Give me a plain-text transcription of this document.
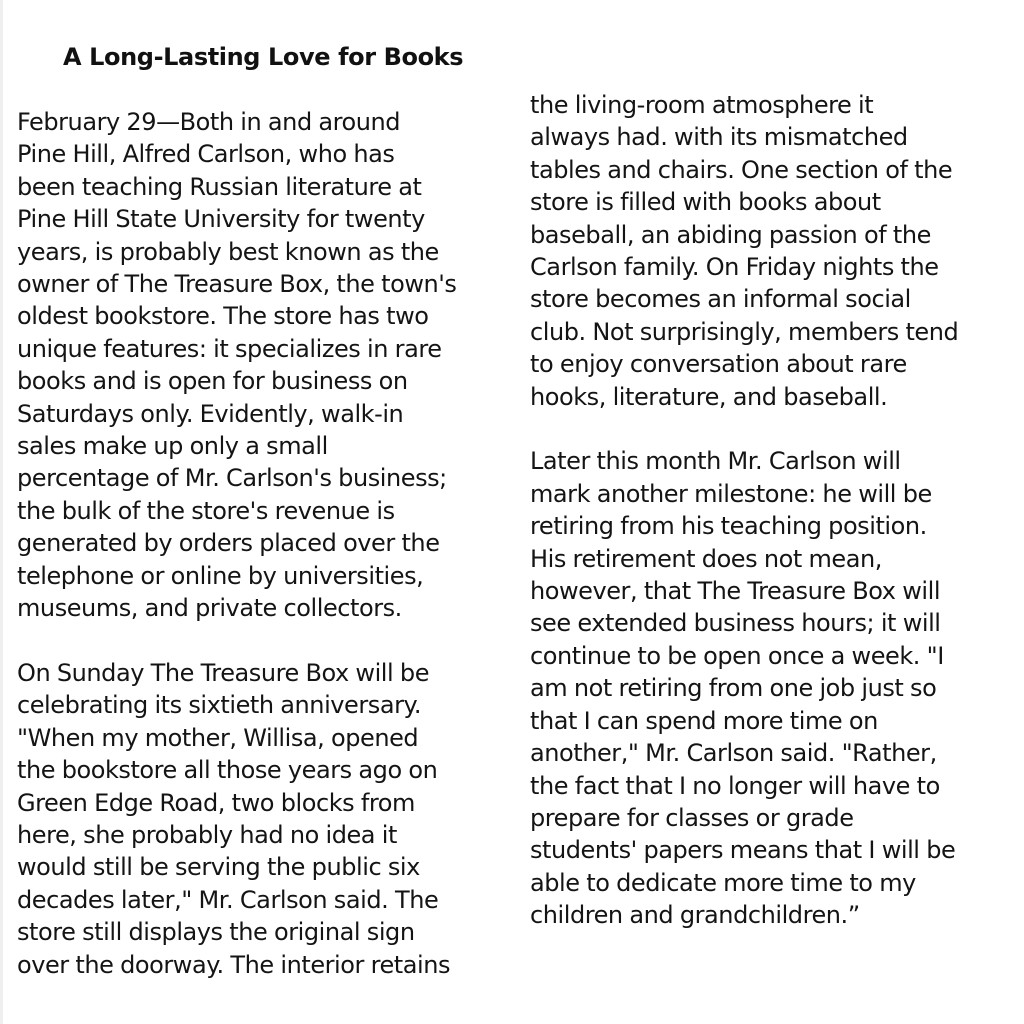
A Long-Lasting Love for Books

February 29—Both in and around
Pine Hill, Alfred Carlson, who has
been teaching Russian literature at
Pine Hill State University for twenty
years, is probably best known as the
owner of The Treasure Box, the town's
oldest bookstore. The store has two
unique features: it specializes in rare
books and is open for business on
Saturdays only. Evidently, walk-in
sales make up only a small
percentage of Mr. Carlson's business;
the bulk of the store's revenue is
generated by orders placed over the
telephone or online by universities,
museums, and private collectors.

On Sunday The Treasure Box will be
celebrating its sixtieth anniversary.
"When my mother, Willisa, opened
the bookstore all those years ago on
Green Edge Road, two blocks from
here, she probably had no idea it
would still be serving the public six
decades later," Mr. Carlson said. The
store still displays the original sign
over the doorway. The interior retains

the living-room atmosphere it
always had. with its mismatched
tables and chairs. One section of the
store is filled with books about
baseball, an abiding passion of the
Carlson family. On Friday nights the
store becomes an informal social
club. Not surprisingly, members tend
to enjoy conversation about rare
hooks, literature, and baseball.

Later this month Mr. Carlson will
mark another milestone: he will be
retiring from his teaching position.
His retirement does not mean,
however, that The Treasure Box will
see extended business hours; it will
continue to be open once a week. "I
am not retiring from one job just so
that I can spend more time on
another," Mr. Carlson said. "Rather,
the fact that I no longer will have to
prepare for classes or grade
students' papers means that I will be
able to dedicate more time to my
children and grandchildren.”
